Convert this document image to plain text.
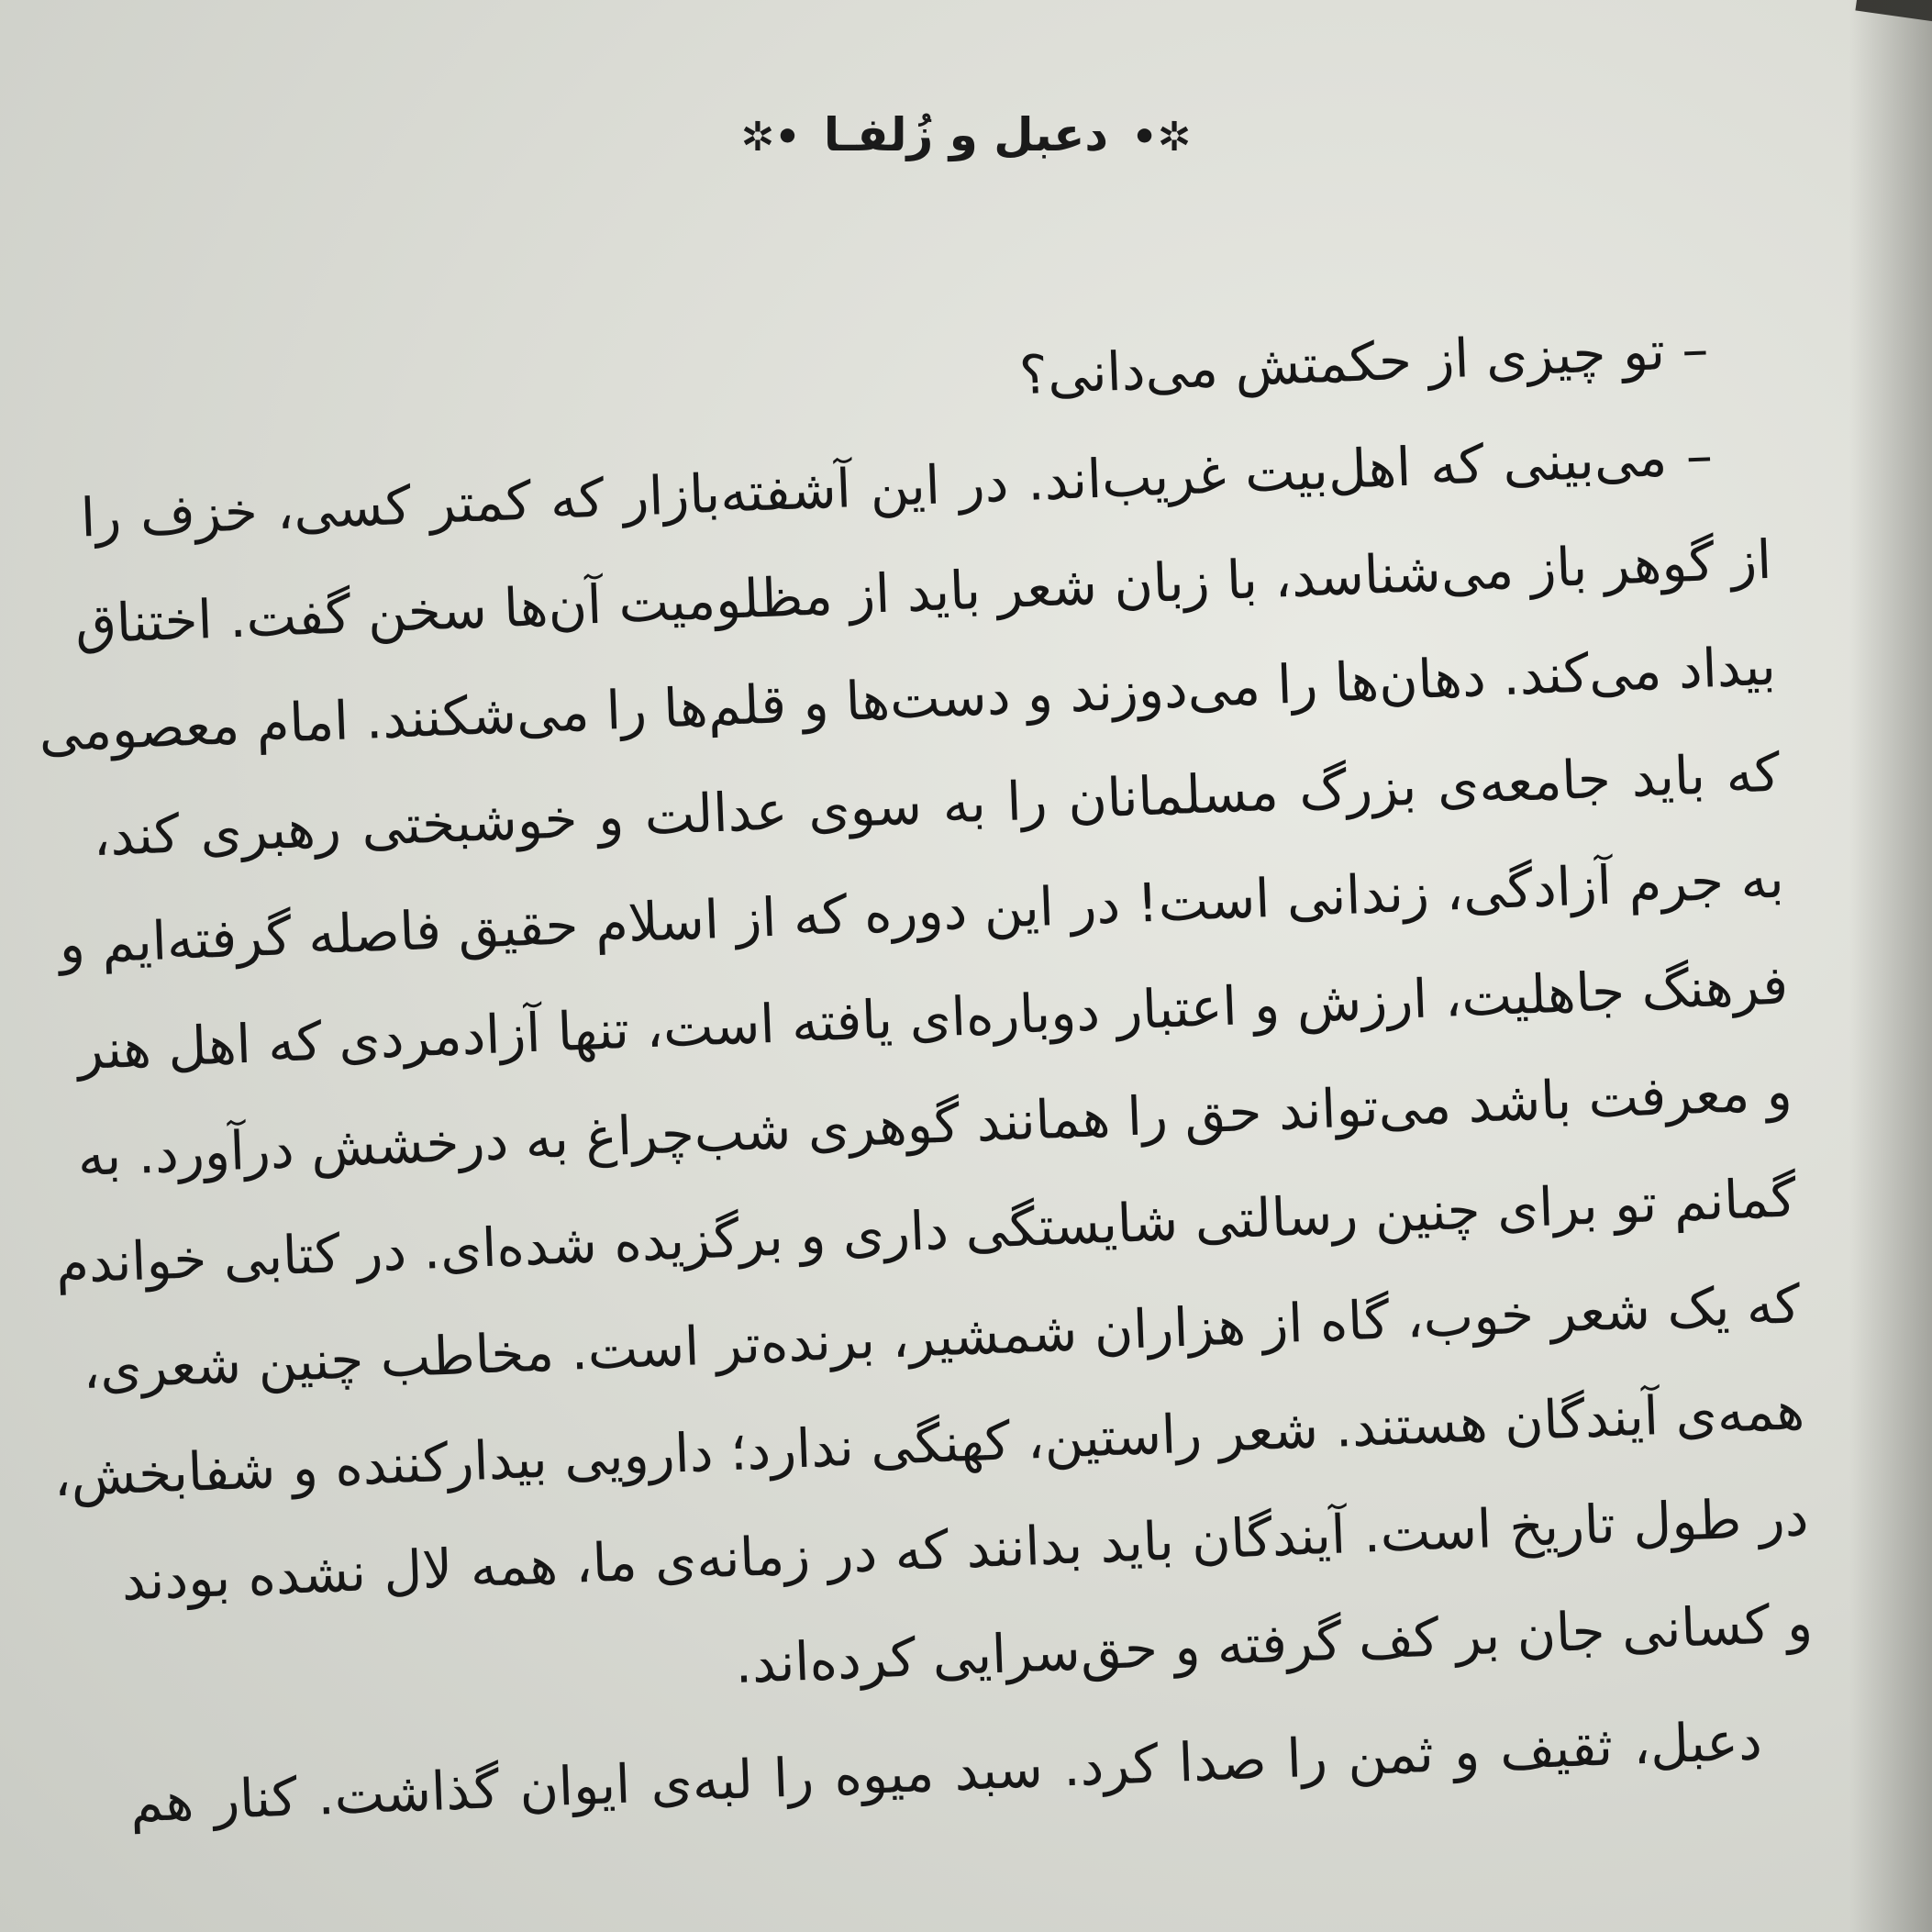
✲• دعبل و زُلفـا •✲
– تو چیزی از حکمتش می‌دانی؟
– می‌بینی که اهل‌بیت غریب‌اند. در این آشفته‌بازار که کمتر کسی، خزف را
از گوهر باز می‌شناسد، با زبان شعر باید از مظلومیت آن‌ها سخن گفت. اختناق
بیداد می‌کند. دهان‌ها را می‌دوزند و دست‌ها و قلم‌ها را می‌شکنند. امام معصومی
که باید جامعه‌ی بزرگ مسلمانان را به سوی عدالت و خوشبختی رهبری کند،
به جرم آزادگی، زندانی است! در این دوره که از اسلام حقیق فاصله گرفته‌ایم و
فرهنگ جاهلیت، ارزش و اعتبار دوباره‌ای یافته است، تنها آزادمردی که اهل هنر
و معرفت باشد می‌تواند حق را همانند گوهری شب‌چراغ به درخشش درآورد. به
گمانم تو برای چنین رسالتی شایستگی داری و برگزیده شده‌ای. در کتابی خواندم
که یک شعر خوب، گاه از هزاران شمشیر، برنده‌تر است. مخاطب چنین شعری،
همه‌ی آیندگان هستند. شعر راستین، کهنگی ندارد؛ دارویی بیدارکننده و شفابخش،
در طول تاریخ است. آیندگان باید بدانند که در زمانه‌ی ما، همه لال نشده بودند
و کسانی جان بر کف گرفته و حق‌سرایی کرده‌اند.
دعبل، ثقیف و ثمن را صدا کرد. سبد میوه را لبه‌ی ایوان گذاشت. کنار هم
